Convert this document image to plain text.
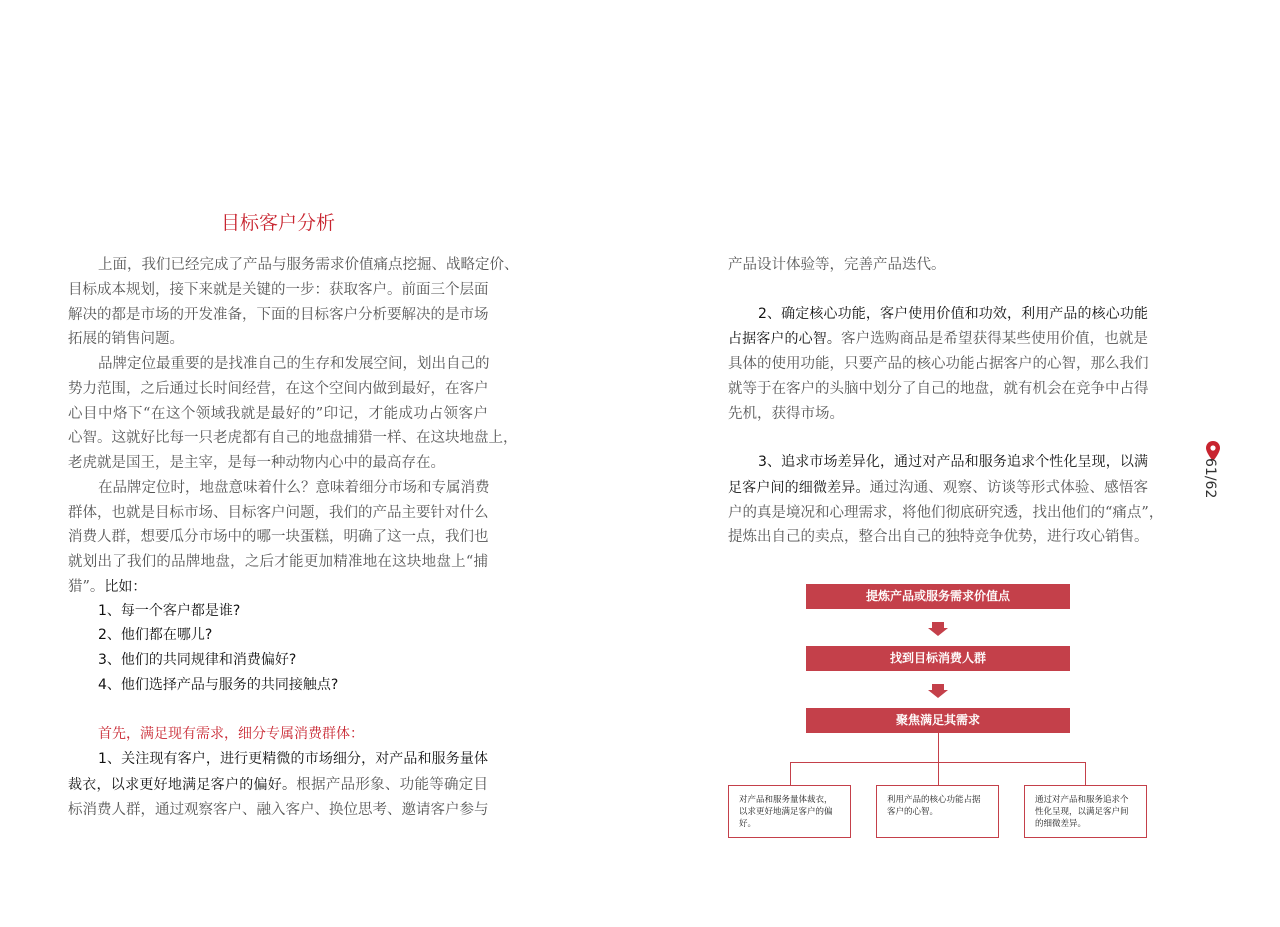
目标客户分析
上面，我们已经完成了产品与服务需求价值痛点挖掘、战略定价、
目标成本规划，接下来就是关键的一步：获取客户。前面三个层面
解决的都是市场的开发准备，下面的目标客户分析要解决的是市场
拓展的销售问题。
品牌定位最重要的是找准自己的生存和发展空间，划出自己的
势力范围，之后通过长时间经营，在这个空间内做到最好，在客户
心目中烙下“在这个领域我就是最好的”印记，才能成功占领客户
心智。这就好比每一只老虎都有自己的地盘捕猎一样、在这块地盘上，
老虎就是国王，是主宰，是每一种动物内心中的最高存在。
在品牌定位时，地盘意味着什么？意味着细分市场和专属消费
群体，也就是目标市场、目标客户问题，我们的产品主要针对什么
消费人群，想要瓜分市场中的哪一块蛋糕，明确了这一点，我们也
就划出了我们的品牌地盘，之后才能更加精准地在这块地盘上“捕
猎”。比如：
1、每一个客户都是谁?
2、他们都在哪儿?
3、他们的共同规律和消费偏好?
4、他们选择产品与服务的共同接触点?
首先，满足现有需求，细分专属消费群体：
1、关注现有客户，进行更精微的市场细分，对产品和服务量体
裁衣，以求更好地满足客户的偏好。根据产品形象、功能等确定目
标消费人群，通过观察客户、融入客户、换位思考、邀请客户参与
产品设计体验等，完善产品迭代。
2、确定核心功能，客户使用价值和功效，利用产品的核心功能
占据客户的心智。客户选购商品是希望获得某些使用价值，也就是
具体的使用功能，只要产品的核心功能占据客户的心智，那么我们
就等于在客户的头脑中划分了自己的地盘，就有机会在竞争中占得
先机，获得市场。
3、追求市场差异化，通过对产品和服务追求个性化呈现，以满
足客户间的细微差异。通过沟通、观察、访谈等形式体验、感悟客
户的真是境况和心理需求，将他们彻底研究透，找出他们的“痛点”，
提炼出自己的卖点，整合出自己的独特竞争优势，进行攻心销售。
提炼产品或服务需求价值点
找到目标消费人群
聚焦满足其需求
对产品和服务量体裁衣，以求更好地满足客户的偏好。
利用产品的核心功能占据客户的心智。
通过对产品和服务追求个性化呈现，以满足客户间的细微差异。
61/62
